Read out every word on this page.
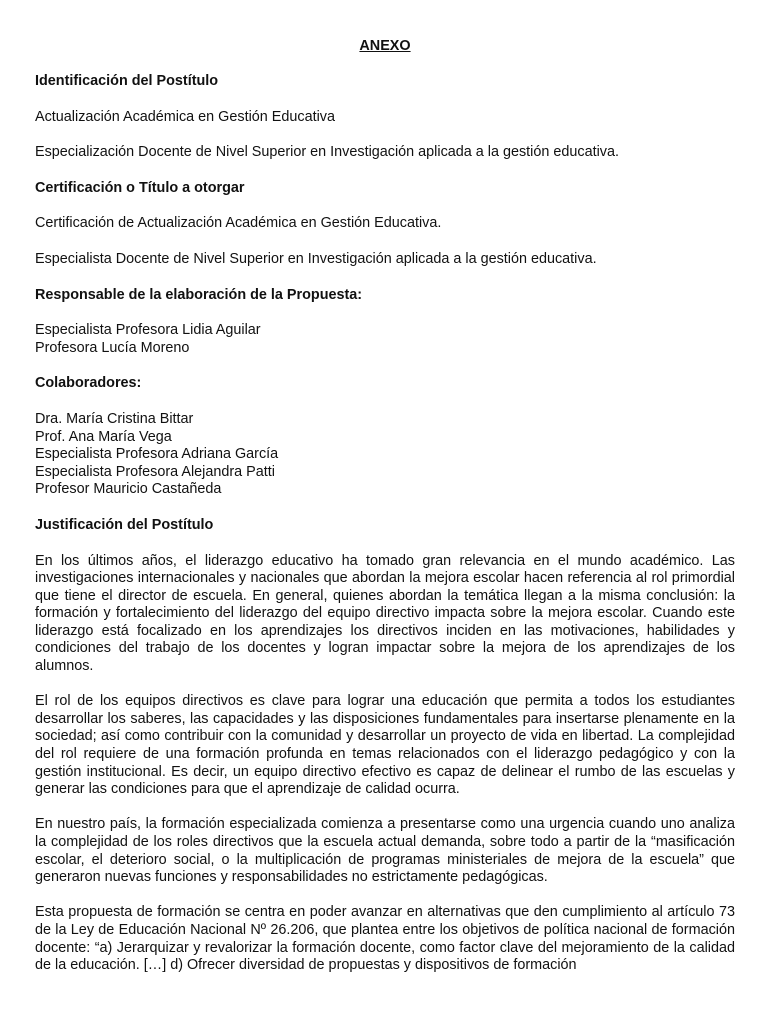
ANEXO
Identificación del Postítulo
Actualización Académica en Gestión Educativa
Especialización Docente de Nivel Superior en Investigación aplicada a la gestión educativa.
Certificación o Título a otorgar
Certificación de Actualización Académica en Gestión Educativa.
Especialista Docente de Nivel Superior en Investigación aplicada a la gestión educativa.
Responsable de la elaboración de la Propuesta:
Especialista Profesora Lidia Aguilar
Profesora Lucía Moreno
Colaboradores:
Dra. María Cristina Bittar
Prof. Ana María Vega
Especialista Profesora Adriana García
Especialista Profesora Alejandra Patti
Profesor Mauricio Castañeda
Justificación del Postítulo

En los últimos años, el liderazgo educativo ha tomado gran relevancia en el mundo académico. Las investigaciones internacionales y nacionales que abordan la mejora escolar hacen referencia al rol primordial que tiene el director de escuela. En general, quienes abordan la temática llegan a la misma conclusión: la formación y fortalecimiento del liderazgo del equipo directivo impacta sobre la mejora escolar. Cuando este liderazgo está focalizado en los aprendizajes los directivos inciden en las motivaciones, habilidades y condiciones del trabajo de los docentes y logran impactar sobre la mejora de los aprendizajes de los alumnos.

El rol de los equipos directivos es clave para lograr una educación que permita a todos los estudiantes desarrollar los saberes, las capacidades y las disposiciones fundamentales para insertarse plenamente en la sociedad; así como contribuir con la comunidad y desarrollar un proyecto de vida en libertad. La complejidad del rol requiere de una formación profunda en temas relacionados con el liderazgo pedagógico y con la gestión institucional. Es decir, un equipo directivo efectivo es capaz de delinear el rumbo de las escuelas y generar las condiciones para que el aprendizaje de calidad ocurra.

En nuestro país, la formación especializada comienza a presentarse como una urgencia cuando uno analiza la complejidad de los roles directivos que la escuela actual demanda, sobre todo a partir de la “masificación escolar, el deterioro social, o la multiplicación de programas ministeriales de mejora de la escuela” que generaron nuevas funciones y responsabilidades no estrictamente pedagógicas.

Esta propuesta de formación se centra en poder avanzar en alternativas que den cumplimiento al artículo 73 de la Ley de Educación Nacional Nº 26.206, que plantea entre los objetivos de política nacional de formación docente: “a) Jerarquizar y revalorizar la formación docente, como factor clave del mejoramiento de la calidad de la educación. […] d) Ofrecer diversidad de propuestas y dispositivos de formación
